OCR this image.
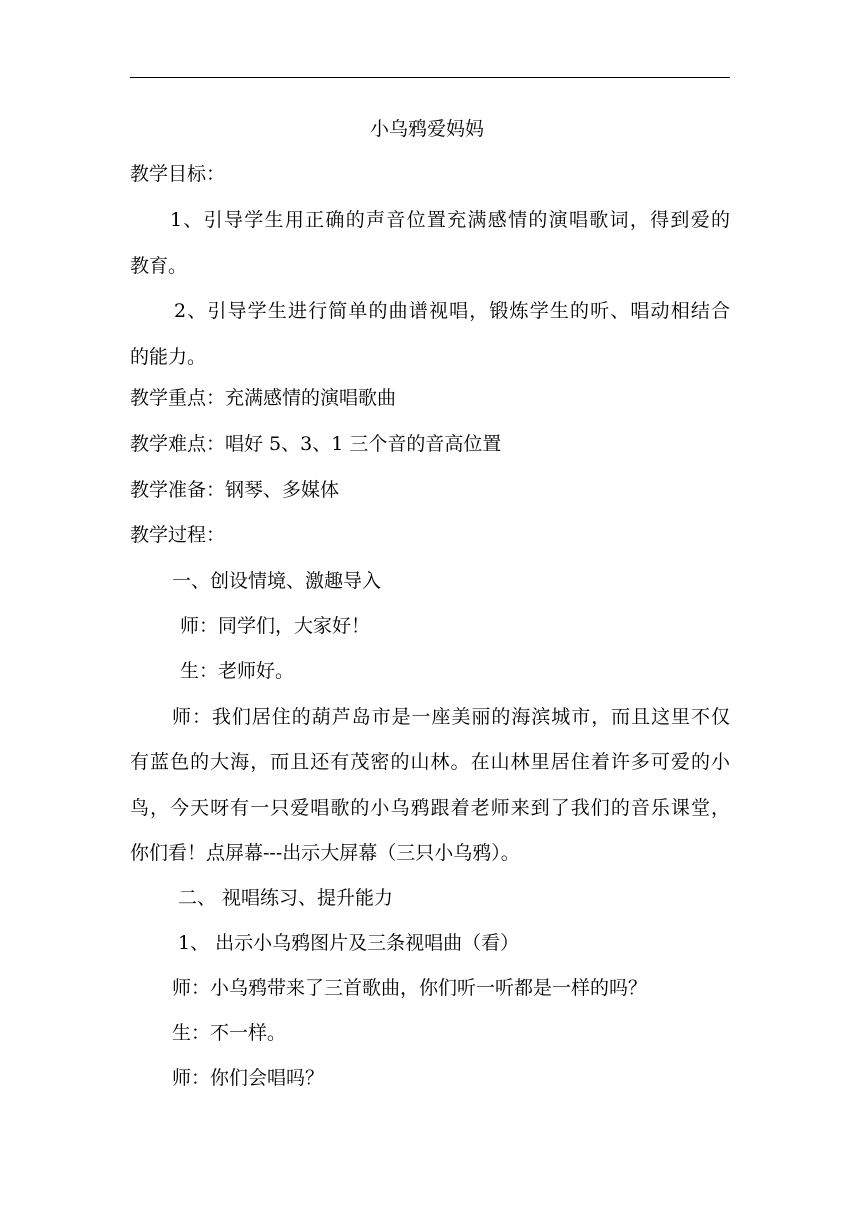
小乌鸦爱妈妈
教学目标：
1、引导学生用正确的声音位置充满感情的演唱歌词，得到爱的
教育。
2、引导学生进行简单的曲谱视唱，锻炼学生的听、唱动相结合
的能力。
教学重点：充满感情的演唱歌曲
教学难点：唱好 5、3、1 三个音的音高位置
教学准备：钢琴、多媒体
教学过程：
一、创设情境、激趣导入
师：同学们，大家好！
生：老师好。
师：我们居住的葫芦岛市是一座美丽的海滨城市，而且这里不仅
有蓝色的大海，而且还有茂密的山林。在山林里居住着许多可爱的小
鸟，今天呀有一只爱唱歌的小乌鸦跟着老师来到了我们的音乐课堂，
你们看！点屏幕---出示大屏幕（三只小乌鸦）。
二、 视唱练习、提升能力
1、 出示小乌鸦图片及三条视唱曲（看）
师：小乌鸦带来了三首歌曲，你们听一听都是一样的吗？
生：不一样。
师：你们会唱吗？
